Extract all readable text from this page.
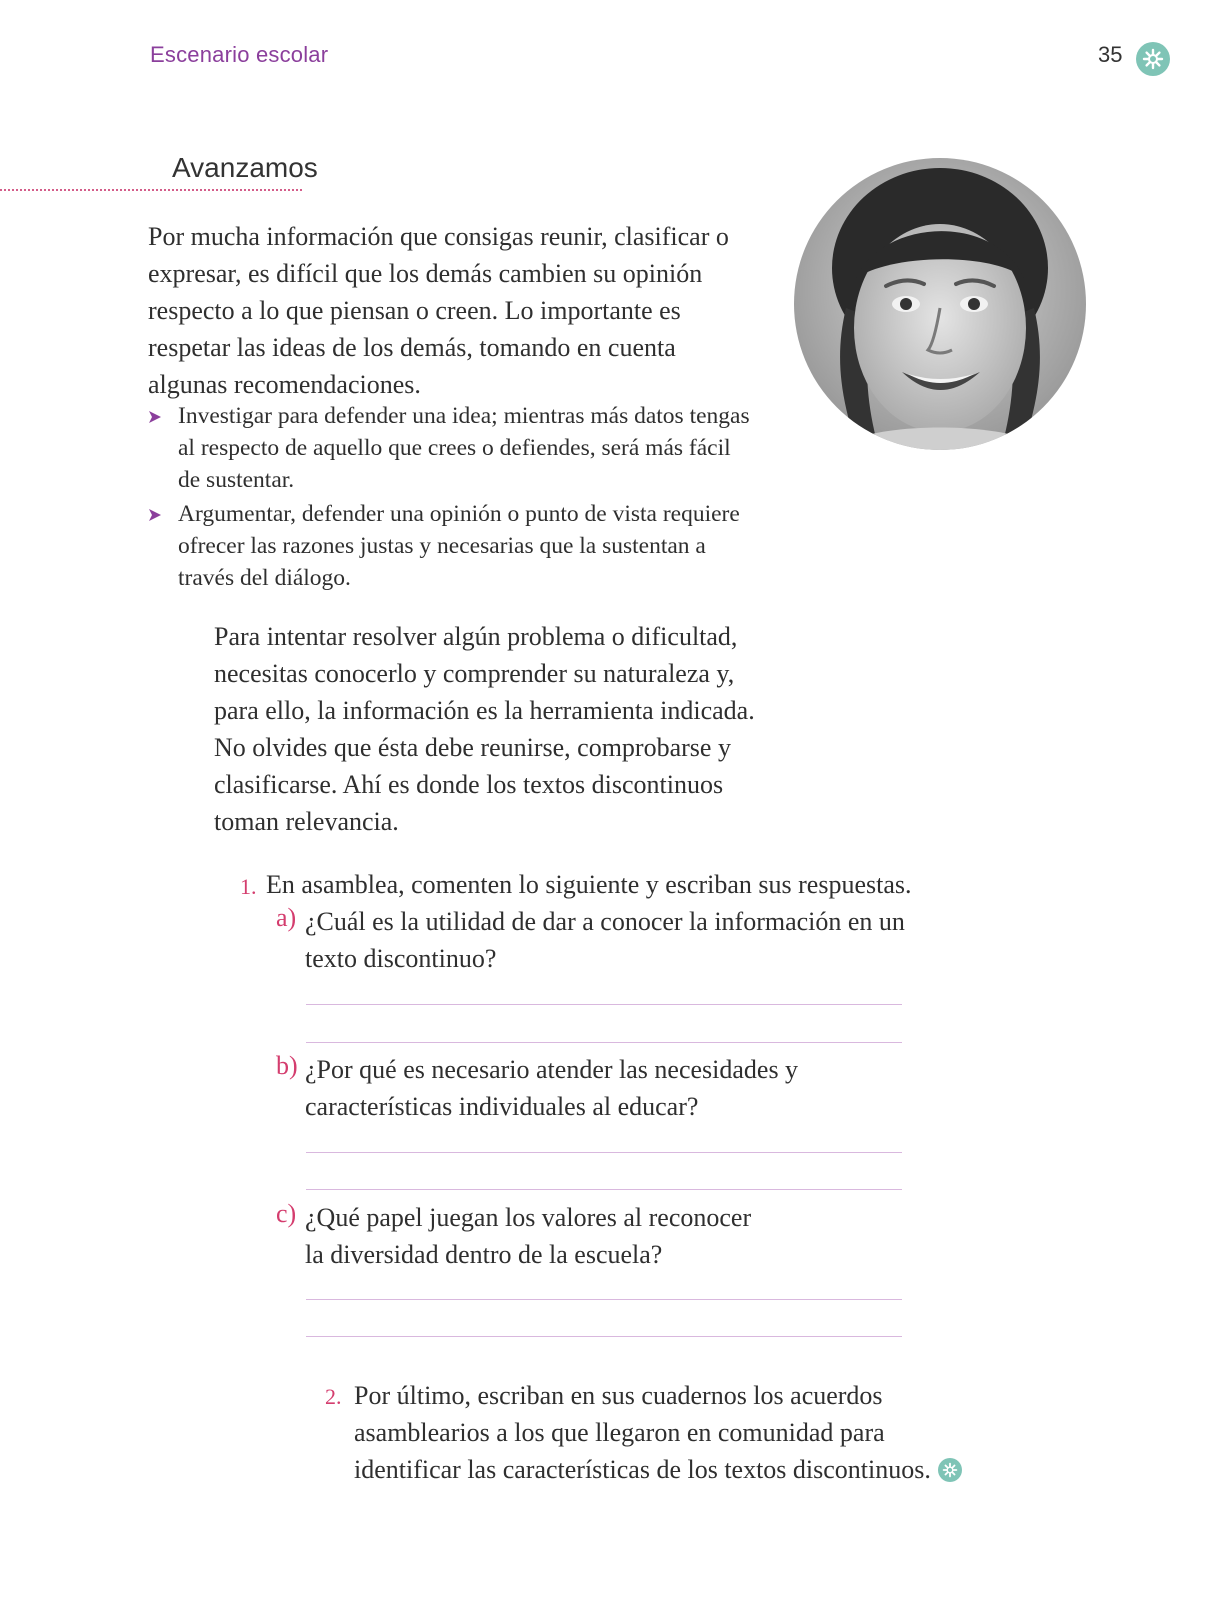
Escenario escolar	35
Avanzamos
Por mucha información que consigas reunir, clasificar o expresar, es difícil que los demás cambien su opinión respecto a lo que piensan o creen. Lo importante es respetar las ideas de los demás, tomando en cuenta algunas recomendaciones.
Investigar para defender una idea; mientras más datos tengas al respecto de aquello que crees o defiendes, será más fácil de sustentar.
Argumentar, defender una opinión o punto de vista requiere ofrecer las razones justas y necesarias que la sustentan a través del diálogo.
Para intentar resolver algún problema o dificultad, necesitas conocerlo y comprender su naturaleza y, para ello, la información es la herramienta indicada. No olvides que ésta debe reunirse, comprobarse y clasificarse. Ahí es donde los textos discontinuos toman relevancia.
1. En asamblea, comenten lo siguiente y escriban sus respuestas.
a) ¿Cuál es la utilidad de dar a conocer la información en un texto discontinuo?
b) ¿Por qué es necesario atender las necesidades y características individuales al educar?
c) ¿Qué papel juegan los valores al reconocer la diversidad dentro de la escuela?
2. Por último, escriban en sus cuadernos los acuerdos asamblearios a los que llegaron en comunidad para identificar las características de los textos discontinuos.
